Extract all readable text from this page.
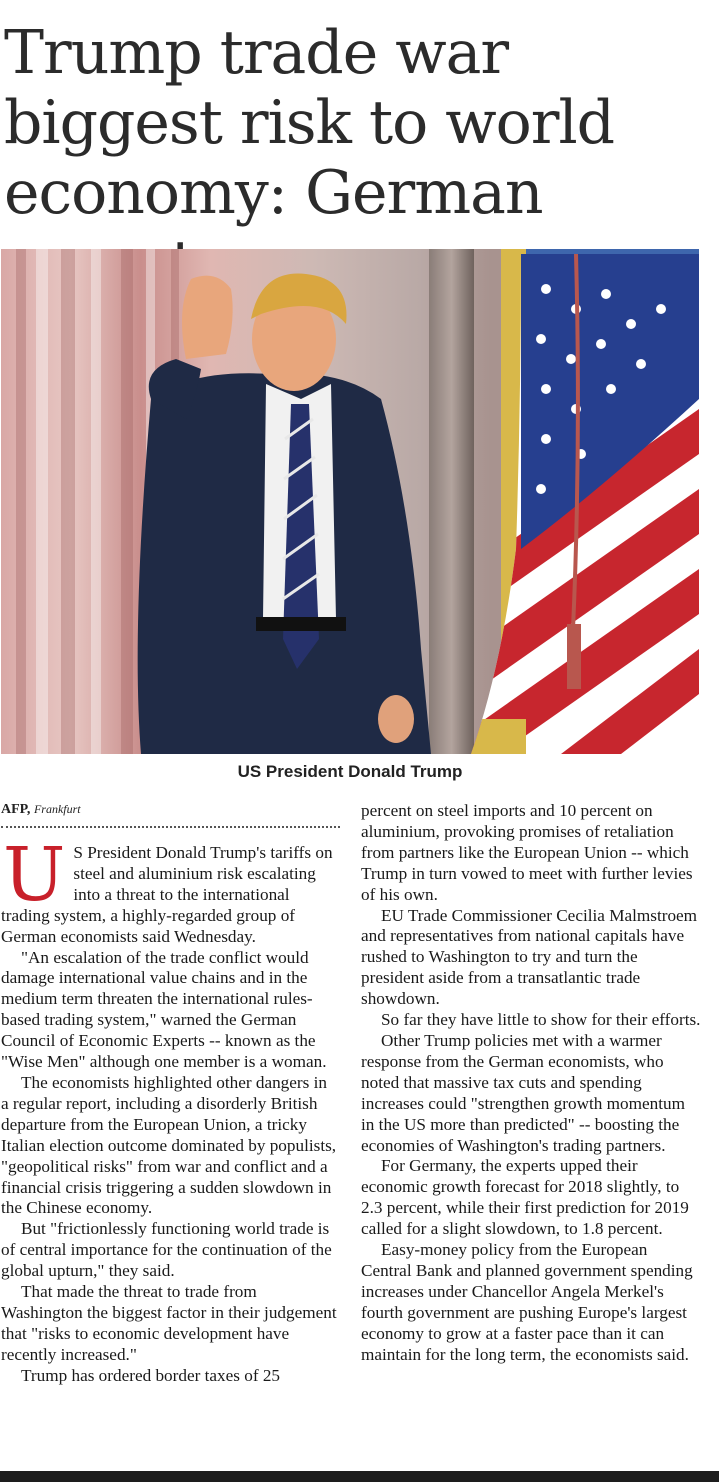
Trump trade war biggest risk to world economy: German
US President Donald Trump
AFP, Frankfurt
U S President Donald Trump's tariffs on steel and aluminium risk escalating into a threat to the international trading system, a highly-regarded group of German economists said Wednesday.

"An escalation of the trade conflict would damage international value chains and in the medium term threaten the international rules-based trading system," warned the German Council of Economic Experts -- known as the "Wise Men" although one member is a woman.

The economists highlighted other dangers in a regular report, including a disorderly British departure from the European Union, a tricky Italian election outcome dominated by populists, "geopolitical risks" from war and conflict and a financial crisis triggering a sudden slowdown in the Chinese economy.

But "frictionlessly functioning world trade is of central importance for the continuation of the global upturn," they said.

That made the threat to trade from Washington the biggest factor in their judgement that "risks to economic development have recently increased."

Trump has ordered border taxes of 25

percent on steel imports and 10 percent on aluminium, provoking promises of retaliation from partners like the European Union -- which Trump in turn vowed to meet with further levies of his own.

EU Trade Commissioner Cecilia Malmstroem and representatives from national capitals have rushed to Washington to try and turn the president aside from a transatlantic trade showdown.

So far they have little to show for their efforts.

Other Trump policies met with a warmer response from the German economists, who noted that massive tax cuts and spending increases could "strengthen growth momentum in the US more than predicted" -- boosting the economies of Washington's trading partners.

For Germany, the experts upped their economic growth forecast for 2018 slightly, to 2.3 percent, while their first prediction for 2019 called for a slight slowdown, to 1.8 percent.

Easy-money policy from the European Central Bank and planned government spending increases under Chancellor Angela Merkel's fourth government are pushing Europe's largest economy to grow at a faster pace than it can maintain for the long term, the economists said.
